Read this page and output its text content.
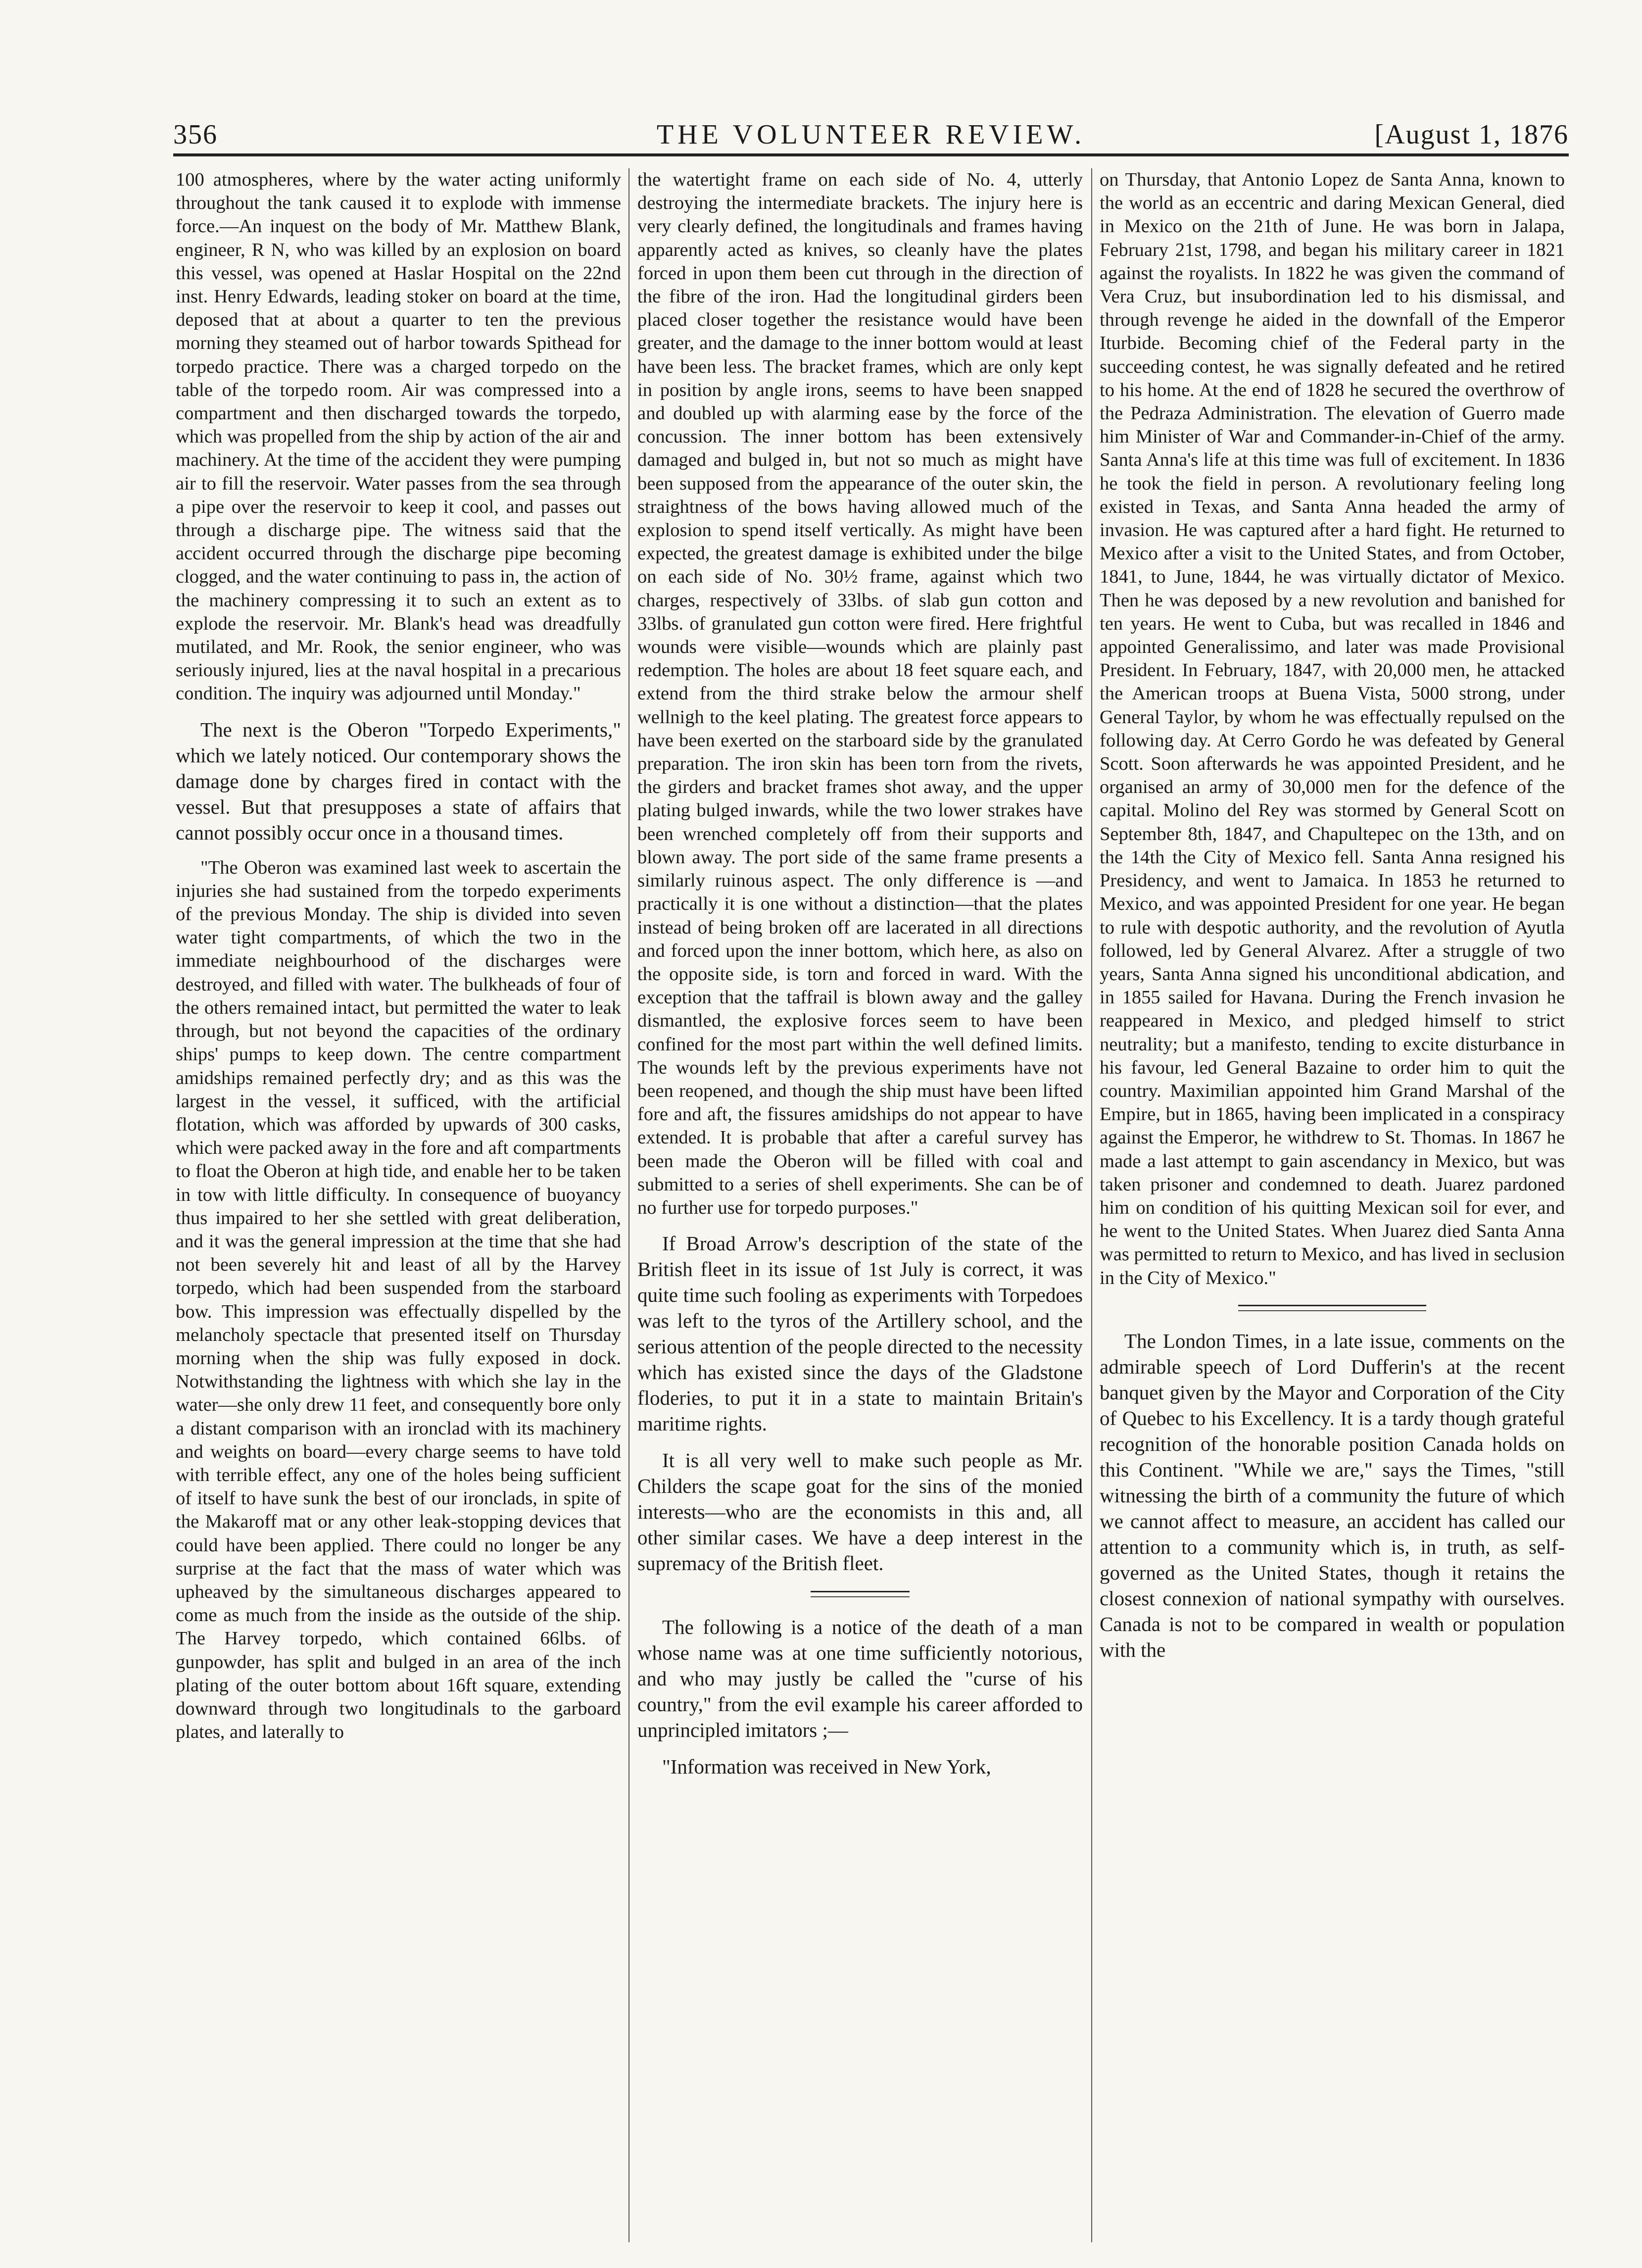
356	THE VOLUNTEER REVIEW.	[August 1, 1876

100 atmospheres, where by the water acting uniformly throughout the tank caused it to explode with immense force.—An inquest on the body of Mr. Matthew Blank, engineer, R N, who was killed by an explosion on board this vessel, was opened at Haslar Hospital on the 22nd inst. Henry Edwards, leading stoker on board at the time, deposed that at about a quarter to ten the previous morning they steamed out of harbor towards Spithead for torpedo practice. There was a charged torpedo on the table of the torpedo room. Air was compressed into a compartment and then discharged towards the torpedo, which was propelled from the ship by action of the air and machinery. At the time of the accident they were pumping air to fill the reservoir. Water passes from the sea through a pipe over the reservoir to keep it cool, and passes out through a discharge pipe. The witness said that the accident occurred through the discharge pipe becoming clogged, and the water continuing to pass in, the action of the machinery compressing it to such an extent as to explode the reservoir. Mr. Blank's head was dreadfully mutilated, and Mr. Rook, the senior engineer, who was seriously injured, lies at the naval hospital in a precarious condition. The inquiry was adjourned until Monday."

The next is the Oberon "Torpedo Experiments," which we lately noticed. Our contemporary shows the damage done by charges fired in contact with the vessel. But that presupposes a state of affairs that cannot possibly occur once in a thousand times.

"The Oberon was examined last week to ascertain the injuries she had sustained from the torpedo experiments of the previous Monday. The ship is divided into seven water tight compartments, of which the two in the immediate neighbourhood of the discharges were destroyed, and filled with water. The bulkheads of four of the others remained intact, but permitted the water to leak through, but not beyond the capacities of the ordinary ships' pumps to keep down. The centre compartment amidships remained perfectly dry; and as this was the largest in the vessel, it sufficed, with the artificial flotation, which was afforded by upwards of 300 casks, which were packed away in the fore and aft compartments to float the Oberon at high tide, and enable her to be taken in tow with little difficulty. In consequence of buoyancy thus impaired to her she settled with great deliberation, and it was the general impression at the time that she had not been severely hit and least of all by the Harvey torpedo, which had been suspended from the starboard bow. This impression was effectually dispelled by the melancholy spectacle that presented itself on Thursday morning when the ship was fully exposed in dock. Notwithstanding the lightness with which she lay in the water—she only drew 11 feet, and consequently bore only a distant comparison with an ironclad with its machinery and weights on board—every charge seems to have told with terrible effect, any one of the holes being sufficient of itself to have sunk the best of our ironclads, in spite of the Makaroff mat or any other leak-stopping devices that could have been applied. There could no longer be any surprise at the fact that the mass of water which was upheaved by the simultaneous discharges appeared to come as much from the inside as the outside of the ship. The Harvey torpedo, which contained 66lbs. of gunpowder, has split and bulged in an area of the inch plating of the outer bottom about 16ft square, extending downward through two longitudinals to the garboard plates, and laterally to

the watertight frame on each side of No. 4, utterly destroying the intermediate brackets. The injury here is very clearly defined, the longitudinals and frames having apparently acted as knives, so cleanly have the plates forced in upon them been cut through in the direction of the fibre of the iron. Had the longitudinal girders been placed closer together the resistance would have been greater, and the damage to the inner bottom would at least have been less. The bracket frames, which are only kept in position by angle irons, seems to have been snapped and doubled up with alarming ease by the force of the concussion. The inner bottom has been extensively damaged and bulged in, but not so much as might have been supposed from the appearance of the outer skin, the straightness of the bows having allowed much of the explosion to spend itself vertically. As might have been expected, the greatest damage is exhibited under the bilge on each side of No. 30½ frame, against which two charges, respectively of 33lbs. of slab gun cotton and 33lbs. of granulated gun cotton were fired. Here frightful wounds were visible—wounds which are plainly past redemption. The holes are about 18 feet square each, and extend from the third strake below the armour shelf wellnigh to the keel plating. The greatest force appears to have been exerted on the starboard side by the granulated preparation. The iron skin has been torn from the rivets, the girders and bracket frames shot away, and the upper plating bulged inwards, while the two lower strakes have been wrenched completely off from their supports and blown away. The port side of the same frame presents a similarly ruinous aspect. The only difference is —and practically it is one without a distinction—that the plates instead of being broken off are lacerated in all directions and forced upon the inner bottom, which here, as also on the opposite side, is torn and forced in ward. With the exception that the taffrail is blown away and the galley dismantled, the explosive forces seem to have been confined for the most part within the well defined limits. The wounds left by the previous experiments have not been reopened, and though the ship must have been lifted fore and aft, the fissures amidships do not appear to have extended. It is probable that after a careful survey has been made the Oberon will be filled with coal and submitted to a series of shell experiments. She can be of no further use for torpedo purposes."

If Broad Arrow's description of the state of the British fleet in its issue of 1st July is correct, it was quite time such fooling as experiments with Torpedoes was left to the tyros of the Artillery school, and the serious attention of the people directed to the necessity which has existed since the days of the Gladstone floderies, to put it in a state to maintain Britain's maritime rights.

It is all very well to make such people as Mr. Childers the scape goat for the sins of the monied interests—who are the economists in this and, all other similar cases. We have a deep interest in the supremacy of the British fleet.

The following is a notice of the death of a man whose name was at one time sufficiently notorious, and who may justly be called the "curse of his country," from the evil example his career afforded to unprincipled imitators ;—

"Information was received in New York,

on Thursday, that Antonio Lopez de Santa Anna, known to the world as an eccentric and daring Mexican General, died in Mexico on the 21th of June. He was born in Jalapa, February 21st, 1798, and began his military career in 1821 against the royalists. In 1822 he was given the command of Vera Cruz, but insubordination led to his dismissal, and through revenge he aided in the downfall of the Emperor Iturbide. Becoming chief of the Federal party in the succeeding contest, he was signally defeated and he retired to his home. At the end of 1828 he secured the overthrow of the Pedraza Administration. The elevation of Guerro made him Minister of War and Commander-in-Chief of the army. Santa Anna's life at this time was full of excitement. In 1836 he took the field in person. A revolutionary feeling long existed in Texas, and Santa Anna headed the army of invasion. He was captured after a hard fight. He returned to Mexico after a visit to the United States, and from October, 1841, to June, 1844, he was virtually dictator of Mexico. Then he was deposed by a new revolution and banished for ten years. He went to Cuba, but was recalled in 1846 and appointed Generalissimo, and later was made Provisional President. In February, 1847, with 20,000 men, he attacked the American troops at Buena Vista, 5000 strong, under General Taylor, by whom he was effectually repulsed on the following day. At Cerro Gordo he was defeated by General Scott. Soon afterwards he was appointed President, and he organised an army of 30,000 men for the defence of the capital. Molino del Rey was stormed by General Scott on September 8th, 1847, and Chapultepec on the 13th, and on the 14th the City of Mexico fell. Santa Anna resigned his Presidency, and went to Jamaica. In 1853 he returned to Mexico, and was appointed President for one year. He began to rule with despotic authority, and the revolution of Ayutla followed, led by General Alvarez. After a struggle of two years, Santa Anna signed his unconditional abdication, and in 1855 sailed for Havana. During the French invasion he reappeared in Mexico, and pledged himself to strict neutrality; but a manifesto, tending to excite disturbance in his favour, led General Bazaine to order him to quit the country. Maximilian appointed him Grand Marshal of the Empire, but in 1865, having been implicated in a conspiracy against the Emperor, he withdrew to St. Thomas. In 1867 he made a last attempt to gain ascendancy in Mexico, but was taken prisoner and condemned to death. Juarez pardoned him on condition of his quitting Mexican soil for ever, and he went to the United States. When Juarez died Santa Anna was permitted to return to Mexico, and has lived in seclusion in the City of Mexico."

The London Times, in a late issue, comments on the admirable speech of Lord Dufferin's at the recent banquet given by the Mayor and Corporation of the City of Quebec to his Excellency. It is a tardy though grateful recognition of the honorable position Canada holds on this Continent. "While we are," says the Times, "still witnessing the birth of a community the future of which we cannot affect to measure, an accident has called our attention to a community which is, in truth, as self-governed as the United States, though it retains the closest connexion of national sympathy with ourselves. Canada is not to be compared in wealth or population with the
